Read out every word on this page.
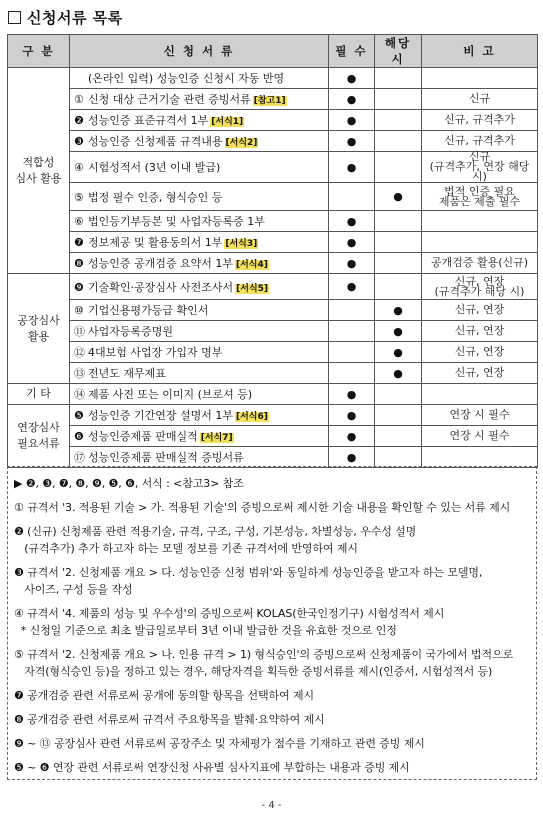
신청서류 목록
구 분	신 청 서 류	필 수	해당 시	비 고
적합성
심사 활용	(온라인 입력) 성능인증 신청시 자동 반영	●		
	① 신청 대상 근거기술 관련 증빙서류 [참고1]	●		신규
	❷ 성능인증 표준규격서 1부 [서식1]	●		신규, 규격추가
	❸ 성능인증 신청제품 규격내용 [서식2]	●		신규, 규격추가
	④ 시험성적서 (3년 이내 발급)	●		신규
(규격추가, 연장 해당 시)
	⑤ 법정 필수 인증, 형식승인 등		●	법적 인증 필요
제품은 제출 필수
	⑥ 법인등기부등본 및 사업자등록증 1부	●		
	❼ 정보제공 및 활용동의서 1부 [서식3]	●		
	❽ 성능인증 공개검증 요약서 1부 [서식4]	●		공개검증 활용(신규)
공장심사
활용	❾ 기술확인·공장심사 사전조사서 [서식5]	●		신규, 연장
(규격추가 해당 시)
	⑩ 기업신용평가등급 확인서		●	신규, 연장
	⑪ 사업자등록증명원		●	신규, 연장
	⑫ 4대보험 사업장 가입자 명부		●	신규, 연장
	⑬ 전년도 재무제표		●	신규, 연장
기 타	⑭ 제품 사진 또는 이미지 (브로셔 등)	●		
연장심사
필요서류	❺ 성능인증 기간연장 설명서 1부 [서식6]	●		연장 시 필수
	❻ 성능인증제품 판매실적 [서식7]	●		연장 시 필수
	⑰ 성능인증제품 판매실적 증빙서류	●		
▶ ❷, ❸, ❼, ❽, ❾, ❺, ❻, 서식 : <참고3> 참조
① 규격서 '3. 적용된 기술 > 가. 적용된 기술'의 증빙으로써 제시한 기술 내용을 확인할 수 있는 서류 제시
❷ (신규) 신청제품 관련 적용기술, 규격, 구조, 구성, 기본성능, 차별성능, 우수성 설명
(규격추가) 추가 하고자 하는 모델 정보를 기존 규격서에 반영하여 제시
❸ 규격서 '2. 신청제품 개요 > 다. 성능인증 신청 범위'와 동일하게 성능인증을 받고자 하는 모델명,
사이즈, 구성 등을 작성
④ 규격서 '4. 제품의 성능 및 우수성'의 증빙으로써 KOLAS(한국인정기구) 시험성적서 제시
* 신청일 기준으로 최초 발급일로부터 3년 이내 발급한 것을 유효한 것으로 인정
⑤ 규격서 '2. 신청제품 개요 > 나. 인용 규격 > 1) 형식승인'의 증빙으로써 신청제품이 국가에서 법적으로
자격(형식승인 등)을 정하고 있는 경우, 해당자격을 획득한 증빙서류를 제시(인증서, 시험성적서 등)
❼ 공개검증 관련 서류로써 공개에 동의할 항목을 선택하여 제시
❽ 공개검증 관련 서류로써 규격서 주요항목을 발췌·요약하여 제시
❾ ~ ⑬ 공장심사 관련 서류로써 공장주소 및 자체평가 점수를 기재하고 관련 증빙 제시
❺ ~ ❻ 연장 관련 서류로써 연장신청 사유별 심사지표에 부합하는 내용과 증빙 제시
- 4 -
